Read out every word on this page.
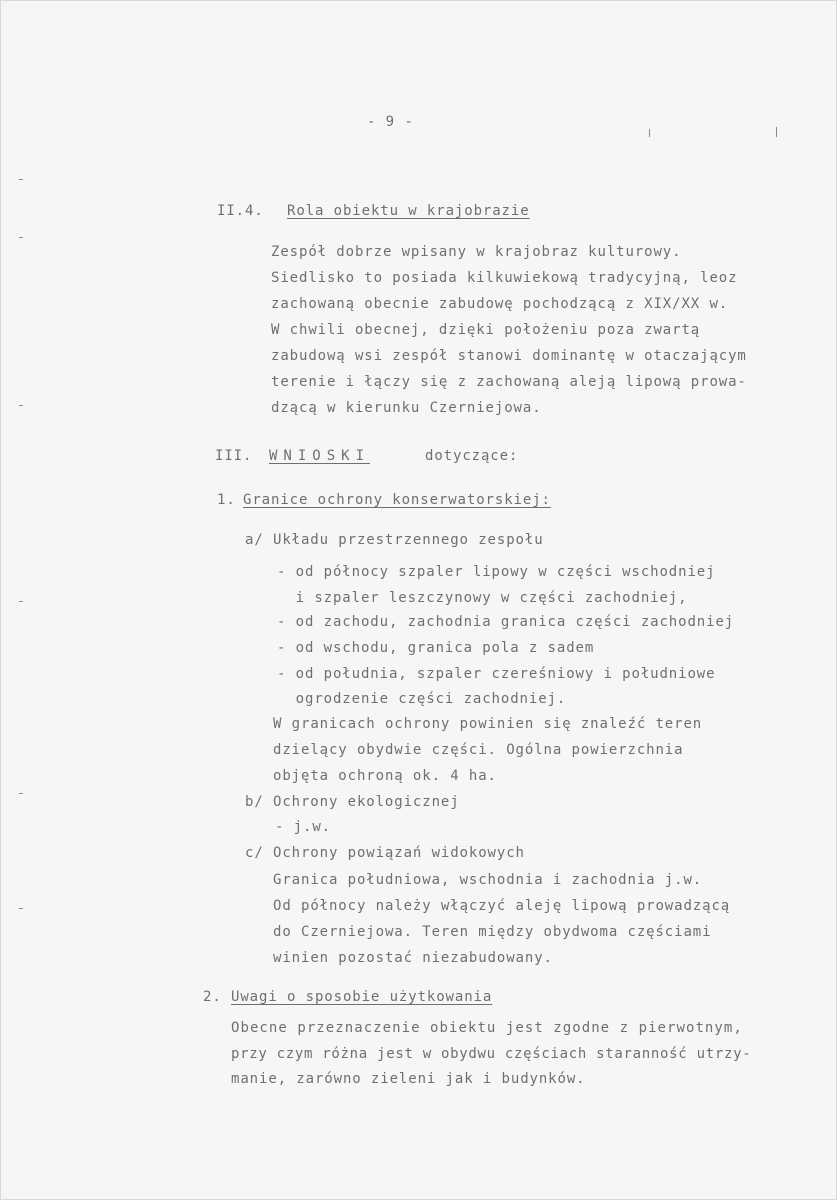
- 9 -
II.4. Rola obiektu w krajobrazie
Zespół dobrze wpisany w krajobraz kulturowy.
Siedlisko to posiada kilkuwiekową tradycyjną, leoz
zachowaną obecnie zabudowę pochodzącą z XIX/XX w.
W chwili obecnej, dzięki położeniu poza zwartą
zabudową wsi zespół stanowi dominantę w otaczającym
terenie i łączy się z zachowaną aleją lipową prowa-
dzącą w kierunku Czerniejowa.
III. WNIOSKI	dotyczące:
1. Granice ochrony konserwatorskiej:
a/ Układu przestrzennego zespołu
- od północy szpaler lipowy w części wschodniej
i szpaler leszczynowy w części zachodniej,
- od zachodu, zachodnia granica części zachodniej
- od wschodu, granica pola z sadem
- od południa, szpaler czereśniowy i południowe
ogrodzenie części zachodniej.
W granicach ochrony powinien się znaleźć teren
dzielący obydwie części. Ogólna powierzchnia
objęta ochroną ok. 4 ha.
b/ Ochrony ekologicznej
- j.w.
c/ Ochrony powiązań widokowych
Granica południowa, wschodnia i zachodnia j.w.
Od północy należy włączyć aleję lipową prowadzącą
do Czerniejowa. Teren między obydwoma częściami
winien pozostać niezabudowany.
2. Uwagi o sposobie użytkowania
Obecne przeznaczenie obiektu jest zgodne z pierwotnym,
przy czym różna jest w obydwu częściach staranność utrzy-
manie, zarówno zieleni jak i budynków.
